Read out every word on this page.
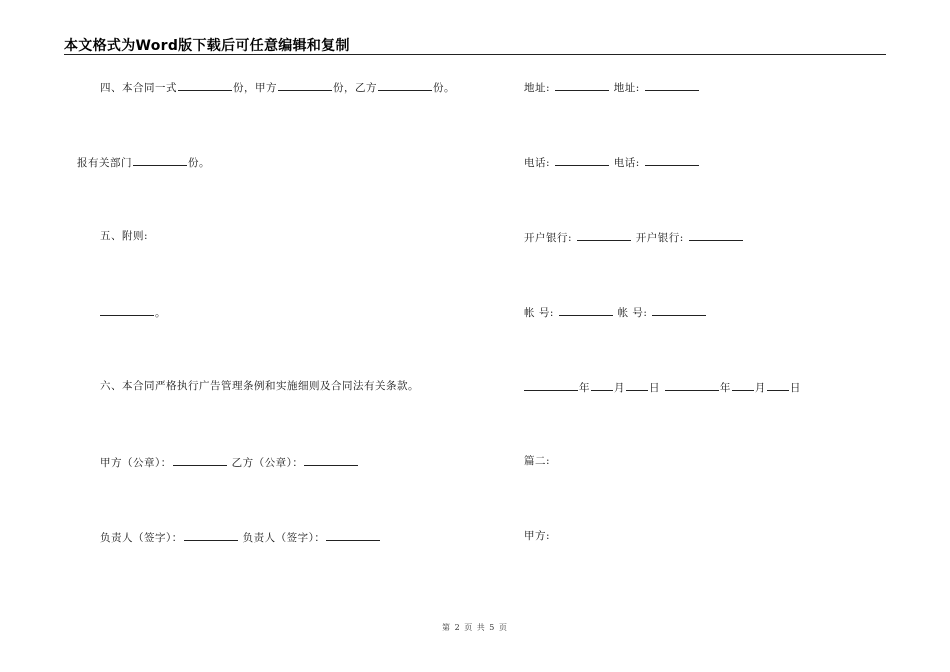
本文格式为Word版下载后可任意编辑和复制
四、本合同一式	份，甲方	份，乙方	份。
报有关部门	份。
五、附则:
。
六、本合同严格执行广告管理条例和实施细则及合同法有关条款。
甲方（公章）：	乙方（公章）：
负责人（签字）：	负责人（签字）：
地址:	地址:
电话:	电话:
开户银行:	开户银行:
帐 号:	帐 号:
年 月 日	年 月 日
篇二:
甲方:
第 2 页 共 5 页
